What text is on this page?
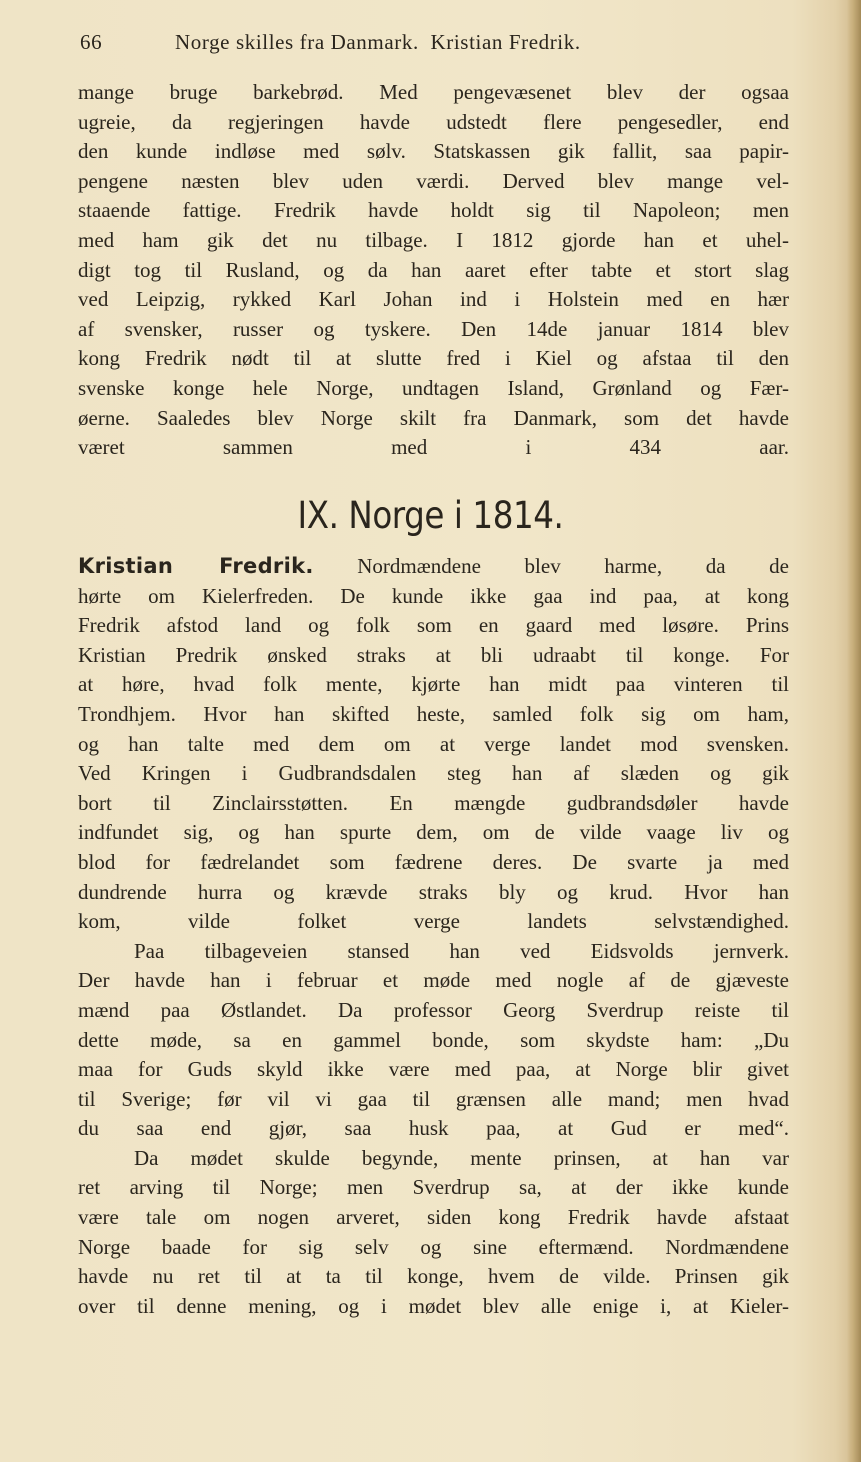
66	Norge skilles fra Danmark.  Kristian Fredrik.
mange bruge barkebrød. Med pengevæsenet blev der ogsaa
ugreie, da regjeringen havde udstedt flere pengesedler, end
den kunde indløse med sølv. Statskassen gik fallit, saa papir-
pengene næsten blev uden værdi. Derved blev mange vel-
staaende fattige. Fredrik havde holdt sig til Napoleon; men
med ham gik det nu tilbage. I 1812 gjorde han et uhel-
digt tog til Rusland, og da han aaret efter tabte et stort slag
ved Leipzig, rykked Karl Johan ind i Holstein med en hær
af svensker, russer og tyskere. Den 14de januar 1814 blev
kong Fredrik nødt til at slutte fred i Kiel og afstaa til den
svenske konge hele Norge, undtagen Island, Grønland og Fær-
øerne. Saaledes blev Norge skilt fra Danmark, som det havde
været sammen med i 434 aar.
IX. Norge i 1814.
Kristian Fredrik. Nordmændene blev harme, da de
hørte om Kielerfreden. De kunde ikke gaa ind paa, at kong
Fredrik afstod land og folk som en gaard med løsøre. Prins
Kristian Predrik ønsked straks at bli udraabt til konge. For
at høre, hvad folk mente, kjørte han midt paa vinteren til
Trondhjem. Hvor han skifted heste, samled folk sig om ham,
og han talte med dem om at verge landet mod svensken.
Ved Kringen i Gudbrandsdalen steg han af slæden og gik
bort til Zinclairsstøtten. En mængde gudbrandsdøler havde
indfundet sig, og han spurte dem, om de vilde vaage liv og
blod for fædrelandet som fædrene deres. De svarte ja med
dundrende hurra og krævde straks bly og krud. Hvor han
kom, vilde folket verge landets selvstændighed.
Paa tilbageveien stansed han ved Eidsvolds jernverk.
Der havde han i februar et møde med nogle af de gjæveste
mænd paa Østlandet. Da professor Georg Sverdrup reiste til
dette møde, sa en gammel bonde, som skydste ham: „Du
maa for Guds skyld ikke være med paa, at Norge blir givet
til Sverige; før vil vi gaa til grænsen alle mand; men hvad
du saa end gjør, saa husk paa, at Gud er med“.
Da mødet skulde begynde, mente prinsen, at han var
ret arving til Norge; men Sverdrup sa, at der ikke kunde
være tale om nogen arveret, siden kong Fredrik havde afstaat
Norge baade for sig selv og sine eftermænd. Nordmændene
havde nu ret til at ta til konge, hvem de vilde. Prinsen gik
over til denne mening, og i mødet blev alle enige i, at Kieler-
